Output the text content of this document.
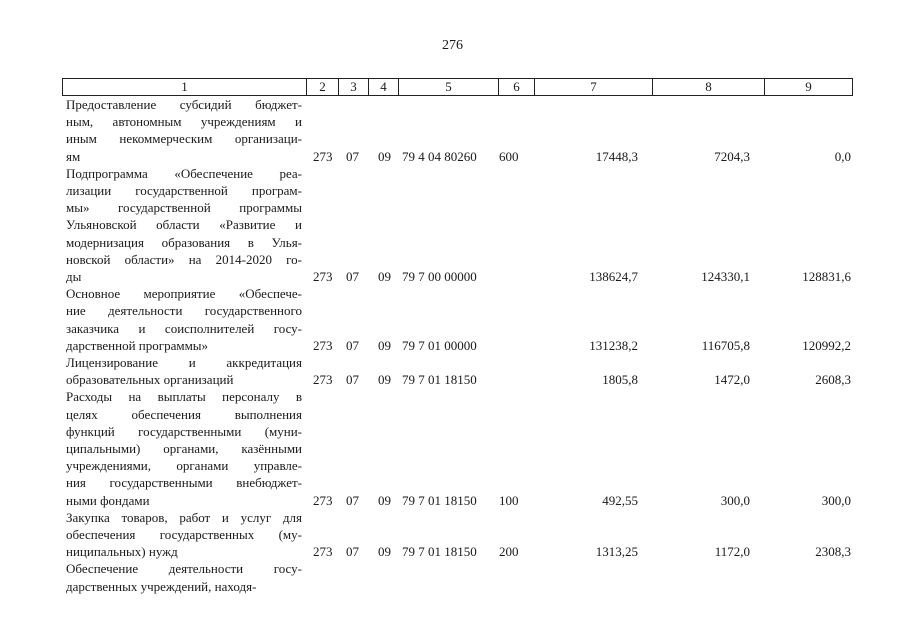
276
1	2	3	4	5	6	7	8	9
Предоставление субсидий бюджет-
ным, автономным учреждениям и
иным некоммерческим организаци-
ям	273 07 09 79 4 04 80260 600	17448,3	7204,3	0,0
Подпрограмма «Обеспечение реа-
лизации государственной програм-
мы» государственной программы
Ульяновской области «Развитие и
модернизация образования в Улья-
новской области» на 2014-2020 го-
ды	273 07 09 79 7 00 00000	138624,7	124330,1	128831,6
Основное мероприятие «Обеспече-
ние деятельности государственного
заказчика и соисполнителей госу-
дарственной программы»	273 07 09 79 7 01 00000	131238,2	116705,8	120992,2
Лицензирование и аккредитация
образовательных организаций	273 07 09 79 7 01 18150	1805,8	1472,0	2608,3
Расходы на выплаты персоналу в
целях обеспечения выполнения
функций государственными (муни-
ципальными) органами, казёнными
учреждениями, органами управле-
ния государственными внебюджет-
ными фондами	273 07 09 79 7 01 18150 100	492,55	300,0	300,0
Закупка товаров, работ и услуг для
обеспечения государственных (му-
ниципальных) нужд	273 07 09 79 7 01 18150 200	1313,25	1172,0	2308,3
Обеспечение деятельности госу-
дарственных учреждений, находя-
